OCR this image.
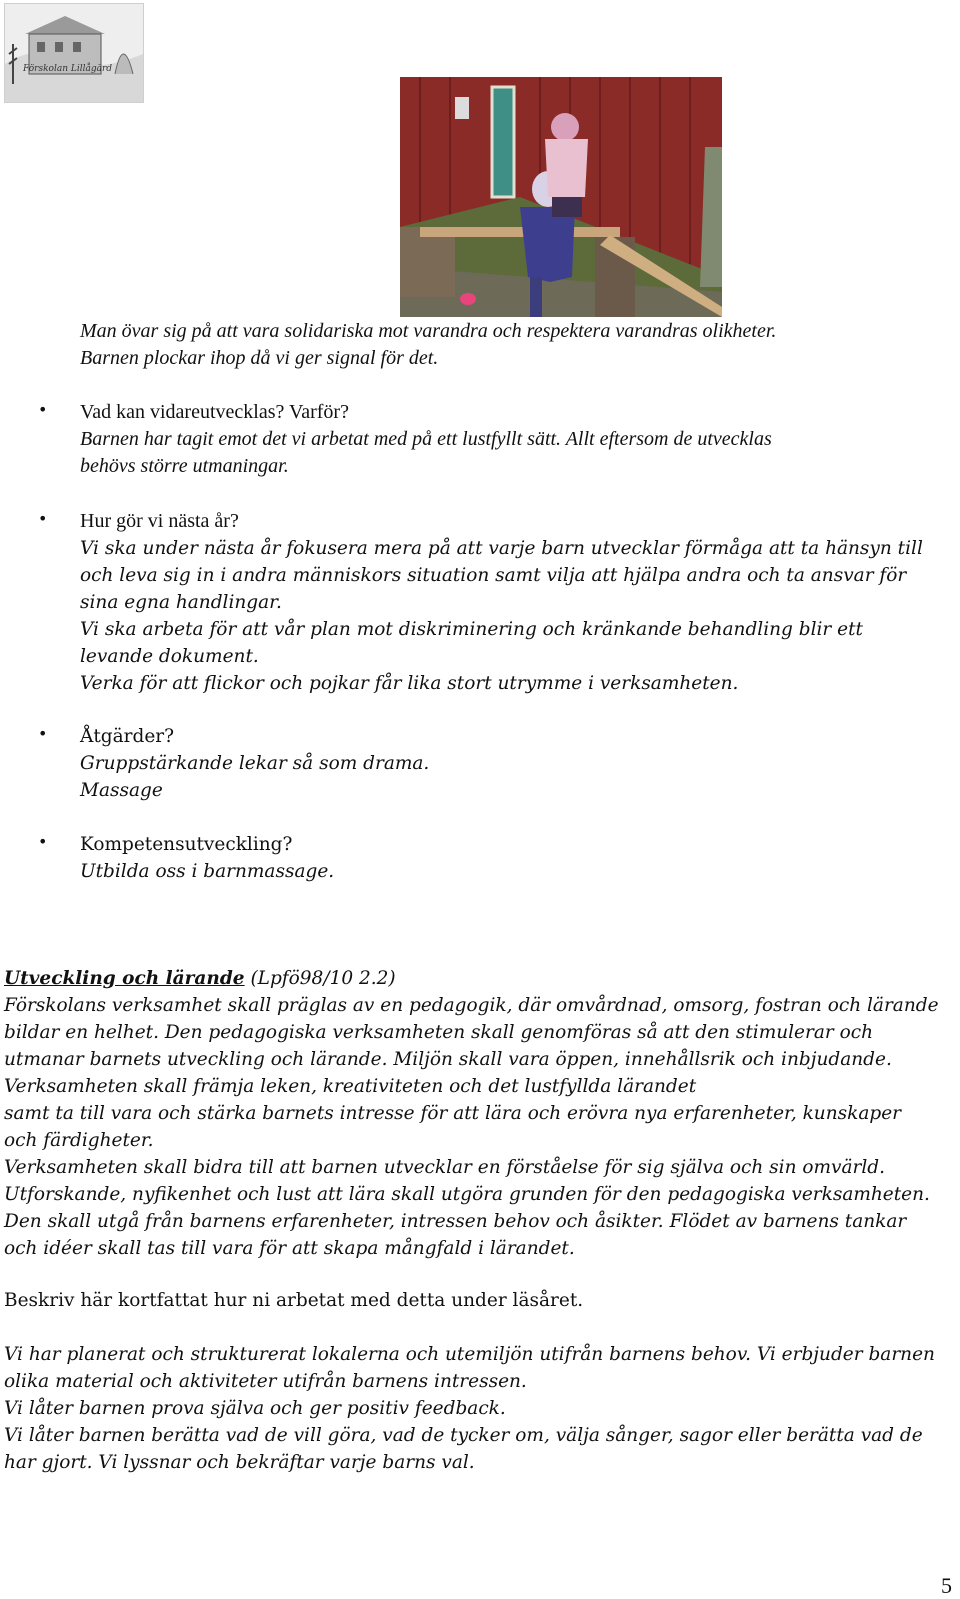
Förskolan Lillågärd
Man övar sig på att vara solidariska mot varandra och respektera varandras olikheter.
Barnen plockar ihop då vi ger signal för det.
• Vad kan vidareutvecklas? Varför?
Barnen har tagit emot det vi arbetat med på ett lustfyllt sätt. Allt eftersom de utvecklas
behövs större utmaningar.
• Hur gör vi nästa år?
Vi ska under nästa år fokusera mera på att varje barn utvecklar förmåga att ta hänsyn till
och leva sig in i andra människors situation samt vilja att hjälpa andra och ta ansvar för
sina egna handlingar.
Vi ska arbeta för att vår plan mot diskriminering och kränkande behandling blir ett
levande dokument.
Verka för att flickor och pojkar får lika stort utrymme i verksamheten.
• Åtgärder?
Gruppstärkande lekar så som drama.
Massage
• Kompetensutveckling?
Utbilda oss i barnmassage.
Utveckling och lärande (Lpfö98/10 2.2)
Förskolans verksamhet skall präglas av en pedagogik, där omvårdnad, omsorg, fostran och lärande
bildar en helhet. Den pedagogiska verksamheten skall genomföras så att den stimulerar och
utmanar barnets utveckling och lärande. Miljön skall vara öppen, innehållsrik och inbjudande.
Verksamheten skall främja leken, kreativiteten och det lustfyllda lärandet
samt ta till vara och stärka barnets intresse för att lära och erövra nya erfarenheter, kunskaper
och färdigheter.
Verksamheten skall bidra till att barnen utvecklar en förståelse för sig själva och sin omvärld.
Utforskande, nyfikenhet och lust att lära skall utgöra grunden för den pedagogiska verksamheten.
Den skall utgå från barnens erfarenheter, intressen behov och åsikter. Flödet av barnens tankar
och idéer skall tas till vara för att skapa mångfald i lärandet.
Beskriv här kortfattat hur ni arbetat med detta under läsåret.
Vi har planerat och strukturerat lokalerna och utemiljön utifrån barnens behov. Vi erbjuder barnen
olika material och aktiviteter utifrån barnens intressen.
Vi låter barnen prova själva och ger positiv feedback.
Vi låter barnen berätta vad de vill göra, vad de tycker om, välja sånger, sagor eller berätta vad de
har gjort. Vi lyssnar och bekräftar varje barns val.
5
